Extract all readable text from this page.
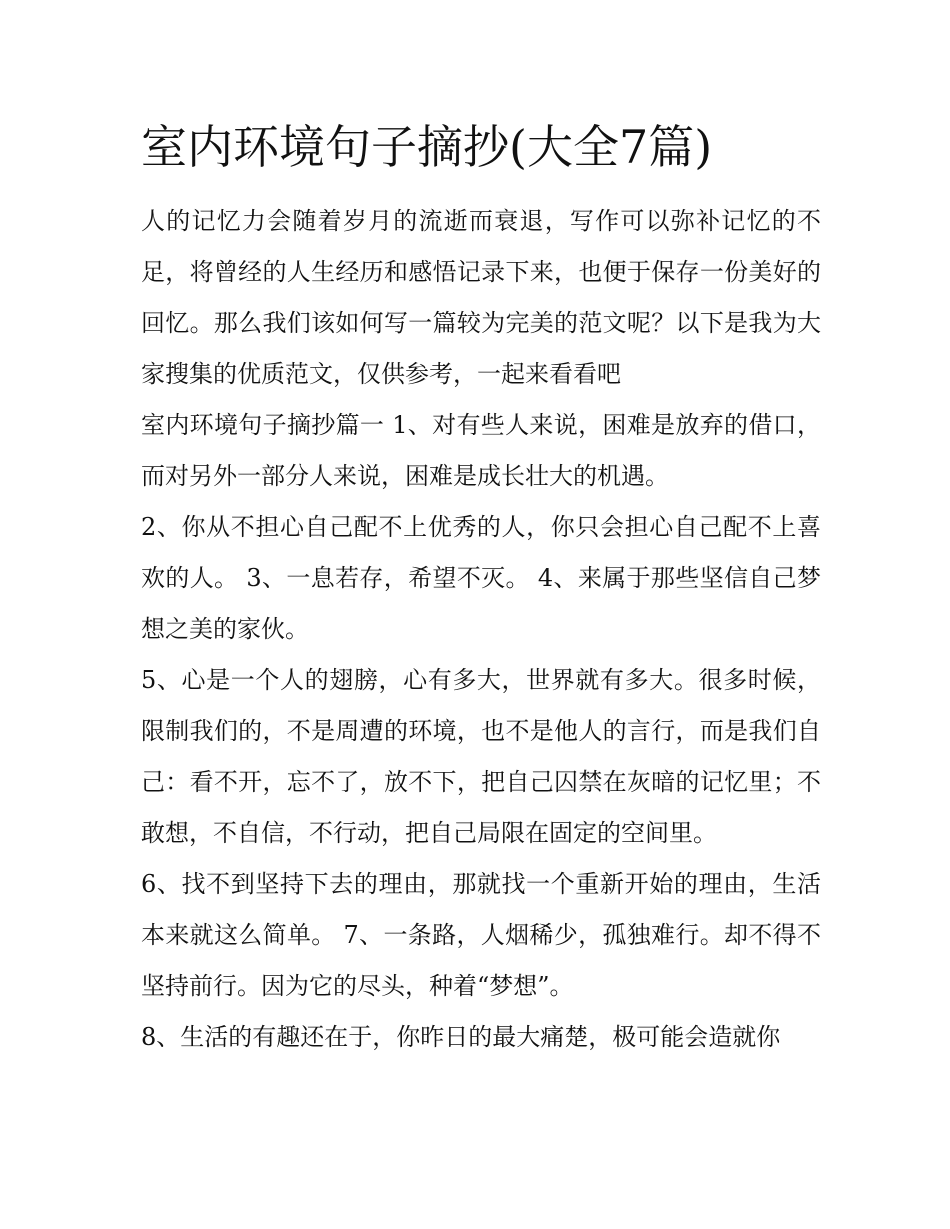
室内环境句子摘抄(大全7篇)

人的记忆力会随着岁月的流逝而衰退，写作可以弥补记忆的不足，将曾经的人生经历和感悟记录下来，也便于保存一份美好的回忆。那么我们该如何写一篇较为完美的范文呢？以下是我为大家搜集的优质范文，仅供参考，一起来看看吧

室内环境句子摘抄篇一 1、对有些人来说，困难是放弃的借口，而对另外一部分人来说，困难是成长壮大的机遇。

2、你从不担心自己配不上优秀的人，你只会担心自己配不上喜欢的人。 3、一息若存，希望不灭。 4、来属于那些坚信自己梦想之美的家伙。

5、心是一个人的翅膀，心有多大，世界就有多大。很多时候，限制我们的，不是周遭的环境，也不是他人的言行，而是我们自己：看不开，忘不了，放不下，把自己囚禁在灰暗的记忆里；不敢想，不自信，不行动，把自己局限在固定的空间里。

6、找不到坚持下去的理由，那就找一个重新开始的理由，生活本来就这么简单。 7、一条路，人烟稀少，孤独难行。却不得不坚持前行。因为它的尽头，种着“梦想”。

8、生活的有趣还在于，你昨日的最大痛楚，极可能会造就你
